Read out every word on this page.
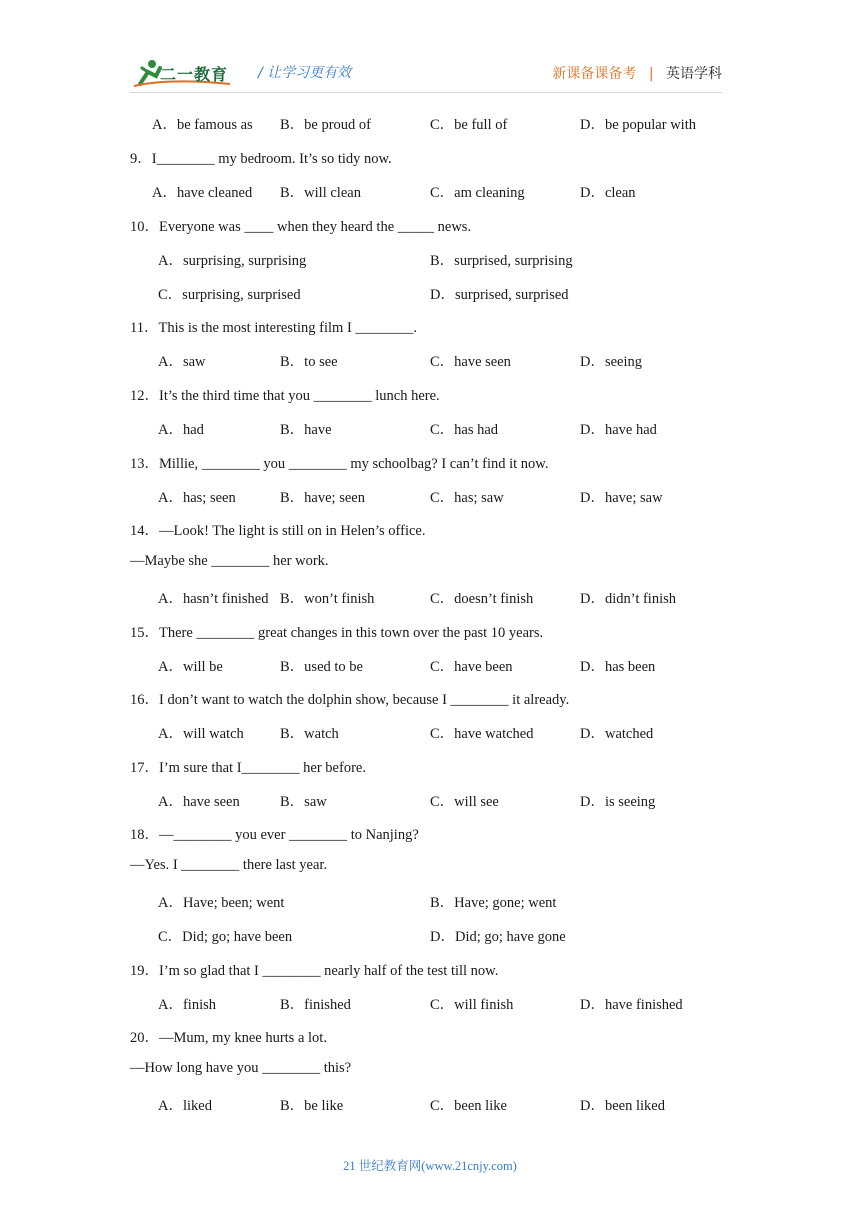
二一教育 / 让学习更有效	新课备课备考 | 英语学科
A．be famous as B．be proud of	C．be full of	D．be popular with
9．I________ my bedroom. It’s so tidy now.
A．have cleaned B．will clean	C．am cleaning	D．clean
10．Everyone was ____ when they heard the _____ news.
A．surprising, surprising	B．surprised, surprising
C．surprising, surprised	D．surprised, surprised
11．This is the most interesting film I ________.
A．saw	B．to see	C．have seen	D．seeing
12．It’s the third time that you ________ lunch here.
A．had	B．have	C．has had	D．have had
13．Millie, ________ you ________ my schoolbag? I can’t find it now.
A．has; seen	B．have; seen	C．has; saw	D．have; saw
14．—Look! The light is still on in Helen’s office.
—Maybe she ________ her work.
A．hasn’t finished B．won’t finish	C．doesn’t finish	D．didn’t finish
15．There ________ great changes in this town over the past 10 years.
A．will be	B．used to be	C．have been	D．has been
16．I don’t want to watch the dolphin show, because I ________ it already.
A．will watch B．watch	C．have watched	D．watched
17．I’m sure that I________ her before.
A．have seen	B．saw	C．will see	D．is seeing
18．—________ you ever ________ to Nanjing?
—Yes. I ________ there last year.
A．Have; been; went	B．Have; gone; went
C．Did; go; have been	D．Did; go; have gone
19．I’m so glad that I ________ nearly half of the test till now.
A．finish	B．finished	C．will finish	D．have finished
20．—Mum, my knee hurts a lot.
—How long have you ________ this?
A．liked	B．be like	C．been like	D．been liked
21 世纪教育网(www.21cnjy.com)
